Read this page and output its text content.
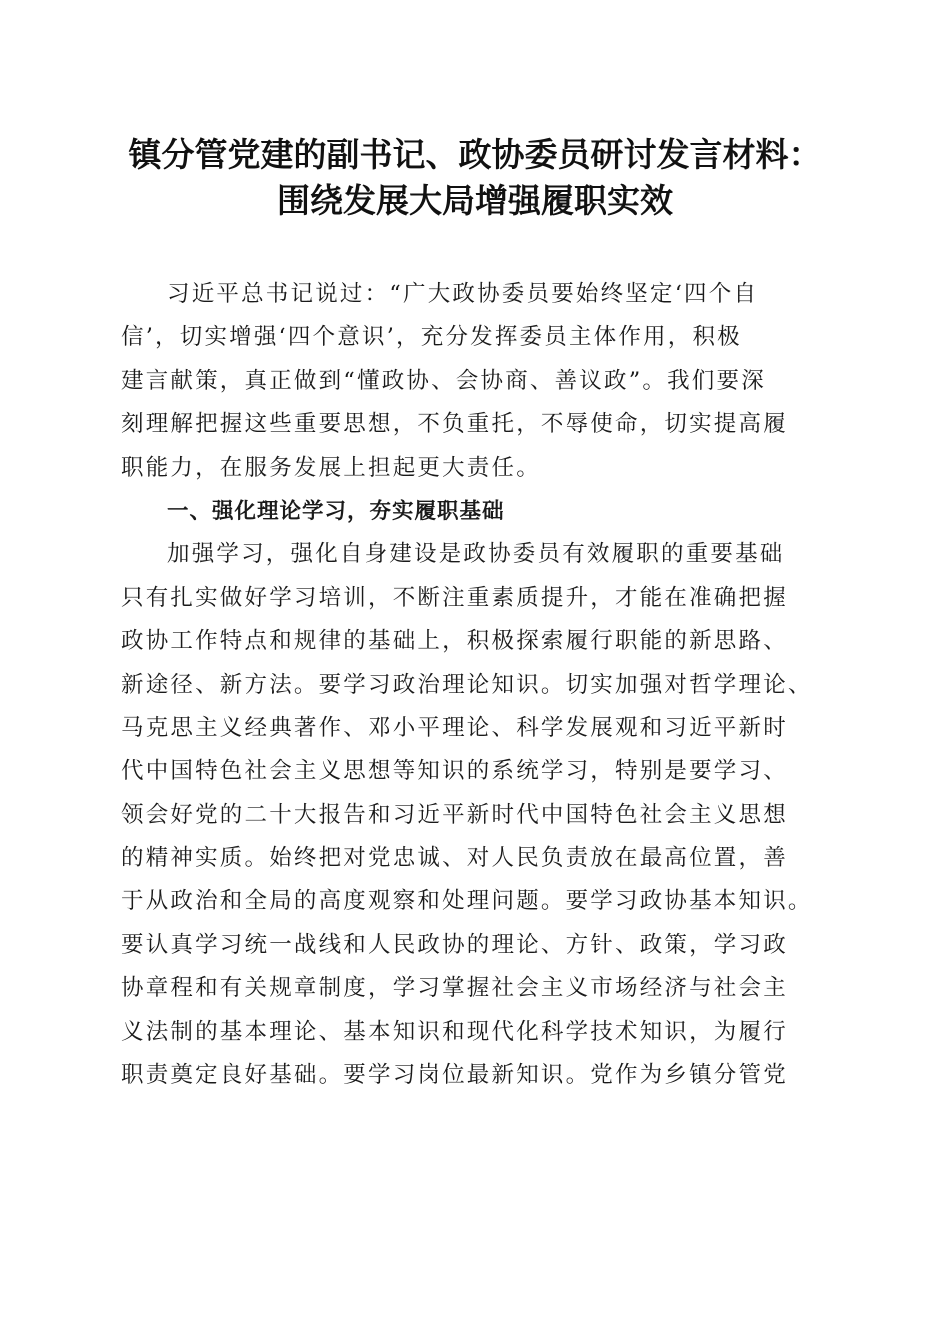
镇分管党建的副书记、政协委员研讨发言材料：
围绕发展大局增强履职实效
习近平总书记说过：“广大政协委员要始终坚定‘四个自
信’，切实增强‘四个意识’，充分发挥委员主体作用，积极
建言献策，真正做到“懂政协、会协商、善议政”。我们要深
刻理解把握这些重要思想，不负重托，不辱使命，切实提高履
职能力，在服务发展上担起更大责任。
一、强化理论学习，夯实履职基础
加强学习，强化自身建设是政协委员有效履职的重要基础
只有扎实做好学习培训，不断注重素质提升，才能在准确把握
政协工作特点和规律的基础上，积极探索履行职能的新思路、
新途径、新方法。要学习政治理论知识。切实加强对哲学理论、
马克思主义经典著作、邓小平理论、科学发展观和习近平新时
代中国特色社会主义思想等知识的系统学习，特别是要学习、
领会好党的二十大报告和习近平新时代中国特色社会主义思想
的精神实质。始终把对党忠诚、对人民负责放在最高位置，善
于从政治和全局的高度观察和处理问题。要学习政协基本知识。
要认真学习统一战线和人民政协的理论、方针、政策，学习政
协章程和有关规章制度，学习掌握社会主义市场经济与社会主
义法制的基本理论、基本知识和现代化科学技术知识，为履行
职责奠定良好基础。要学习岗位最新知识。党作为乡镇分管党
